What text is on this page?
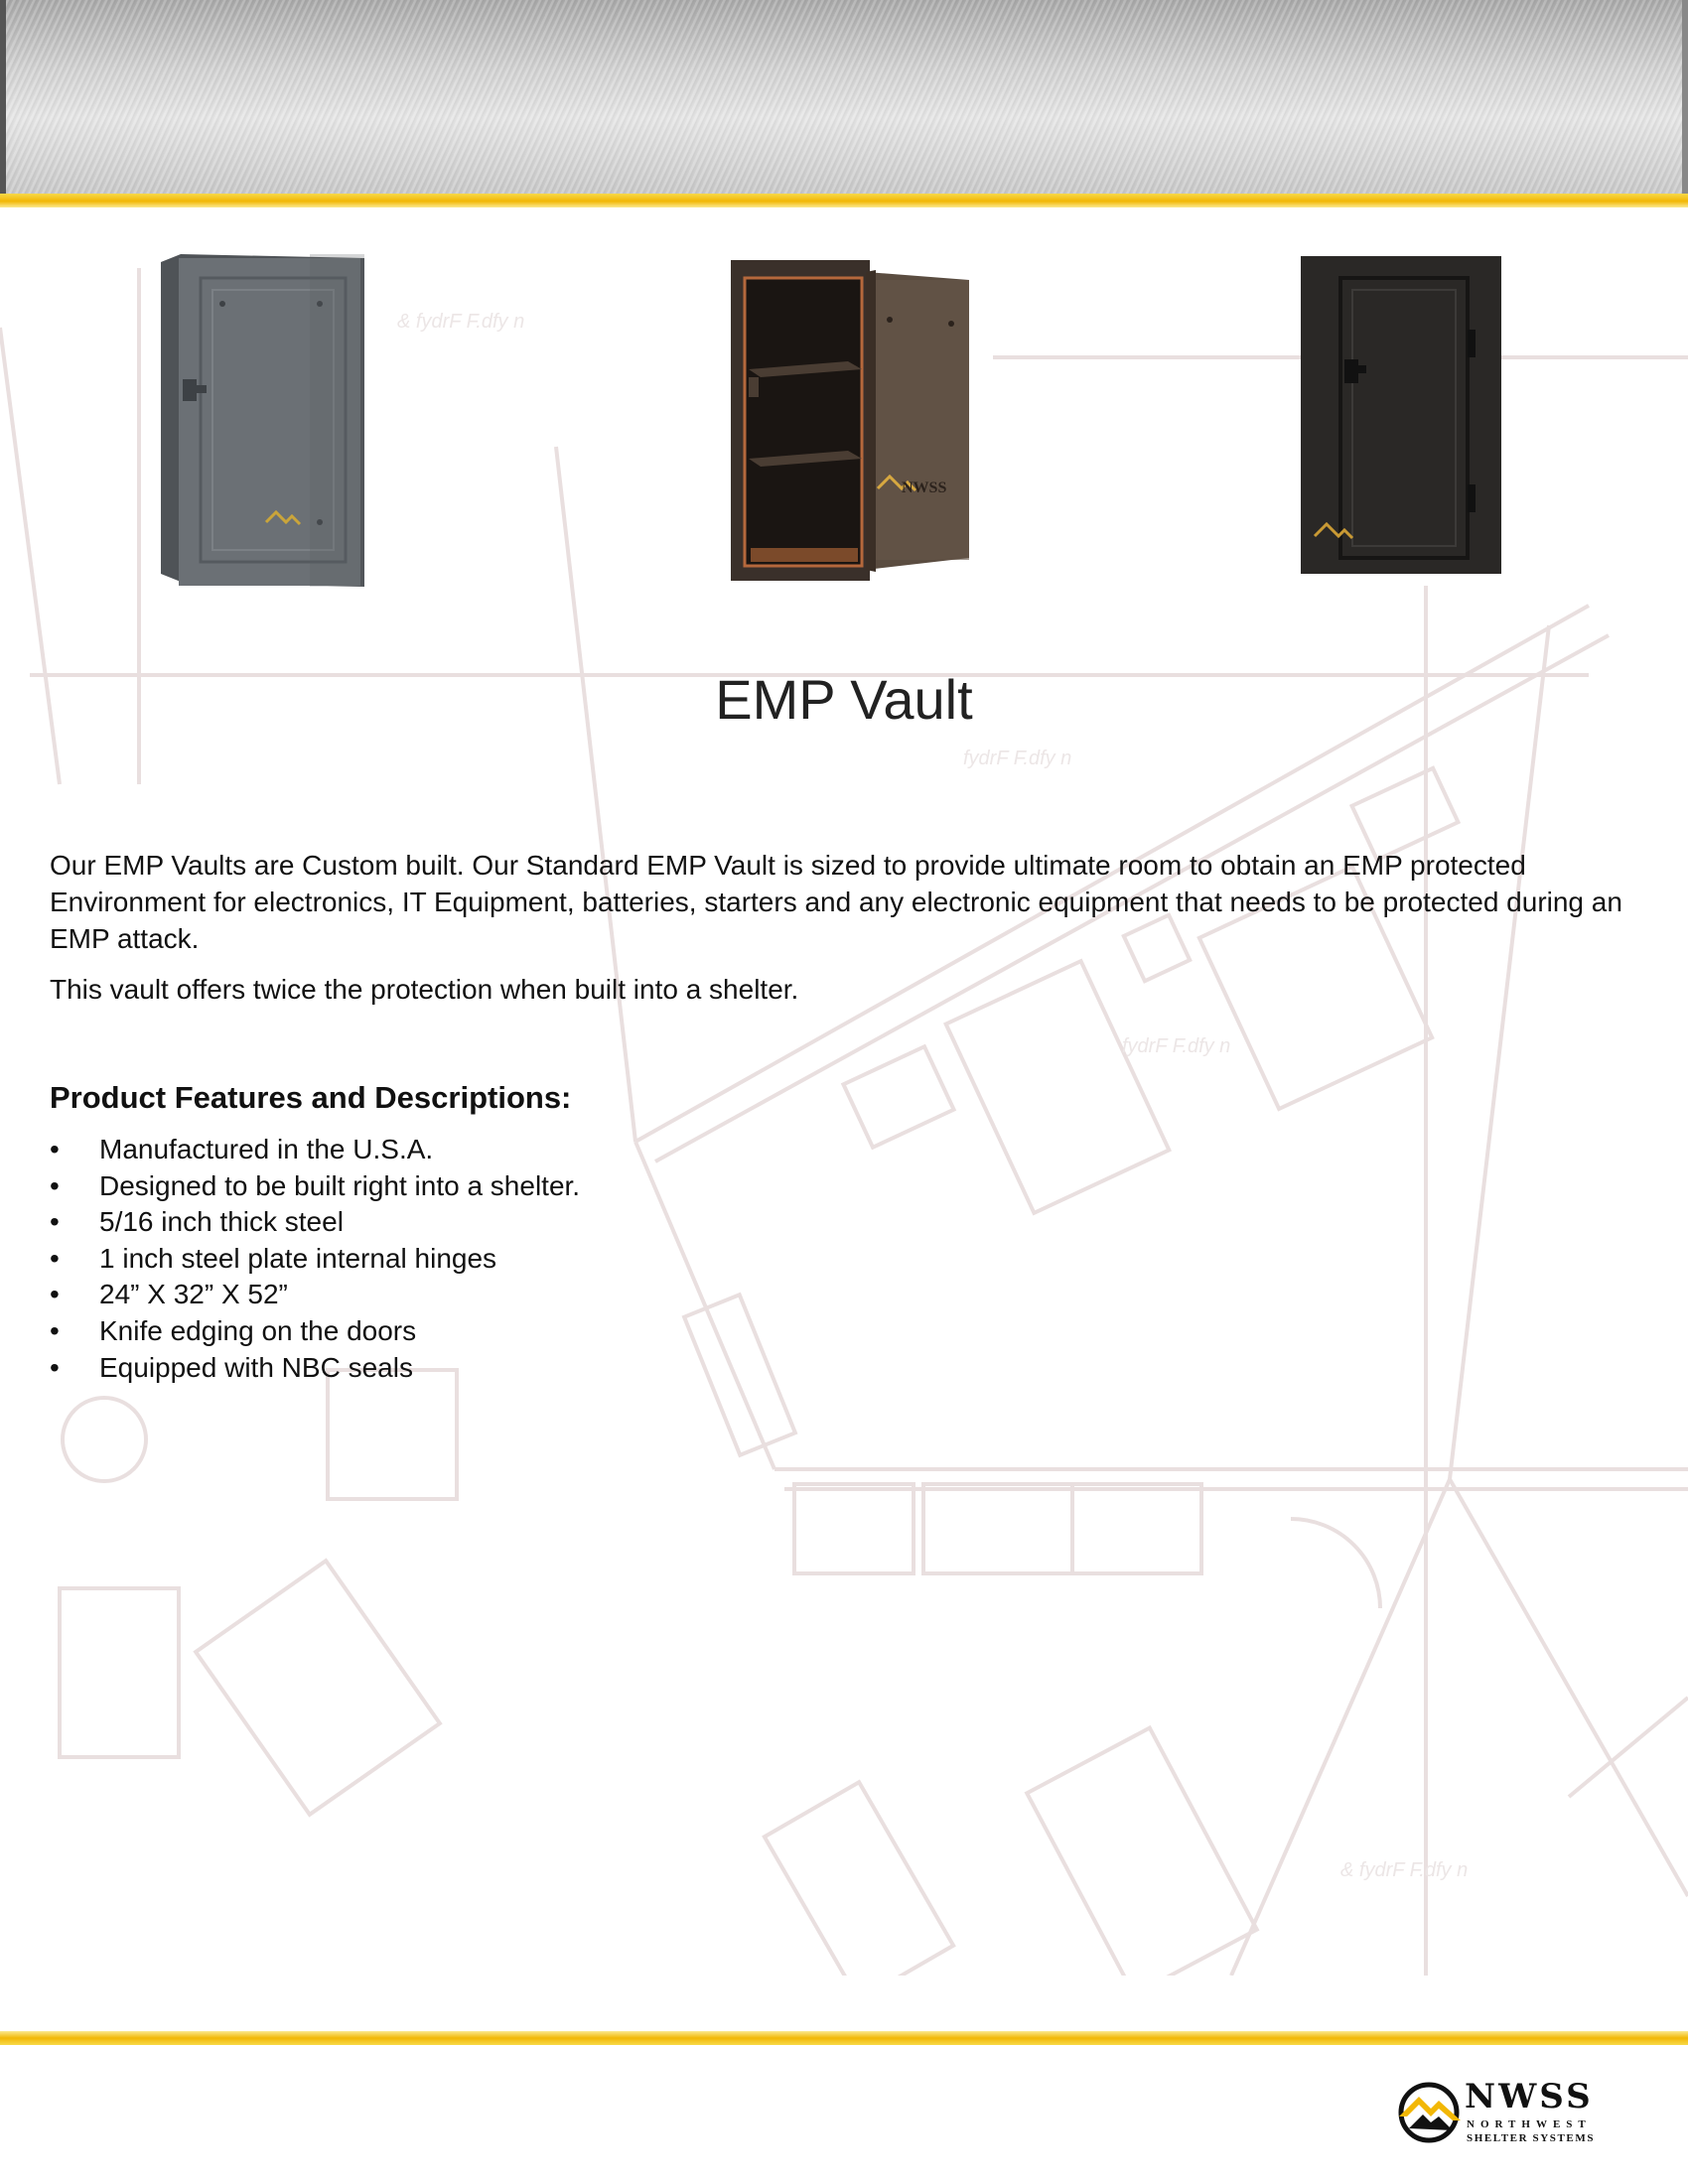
& fydrF F.dfy n
fydrF F.dfy n
fydrF F.dfy n
& fydrF F.dfy n
NWSS
EMP Vault

Our EMP Vaults are Custom built. Our Standard EMP Vault is sized to provide ultimate room to obtain an EMP protected Environment for electronics, IT Equipment, batteries, starters and any electronic equipment that needs to be protected during an EMP attack.

This vault offers twice the protection when built into a shelter.

Product Features and Descriptions:
• Manufactured in the U.S.A.
• Designed to be built right into a shelter.
• 5/16 inch thick steel
• 1 inch steel plate internal hinges
• 24” X 32” X 52”
• Knife edging on the doors
• Equipped with NBC seals
NWSS
NORTHWEST
SHELTER SYSTEMS
